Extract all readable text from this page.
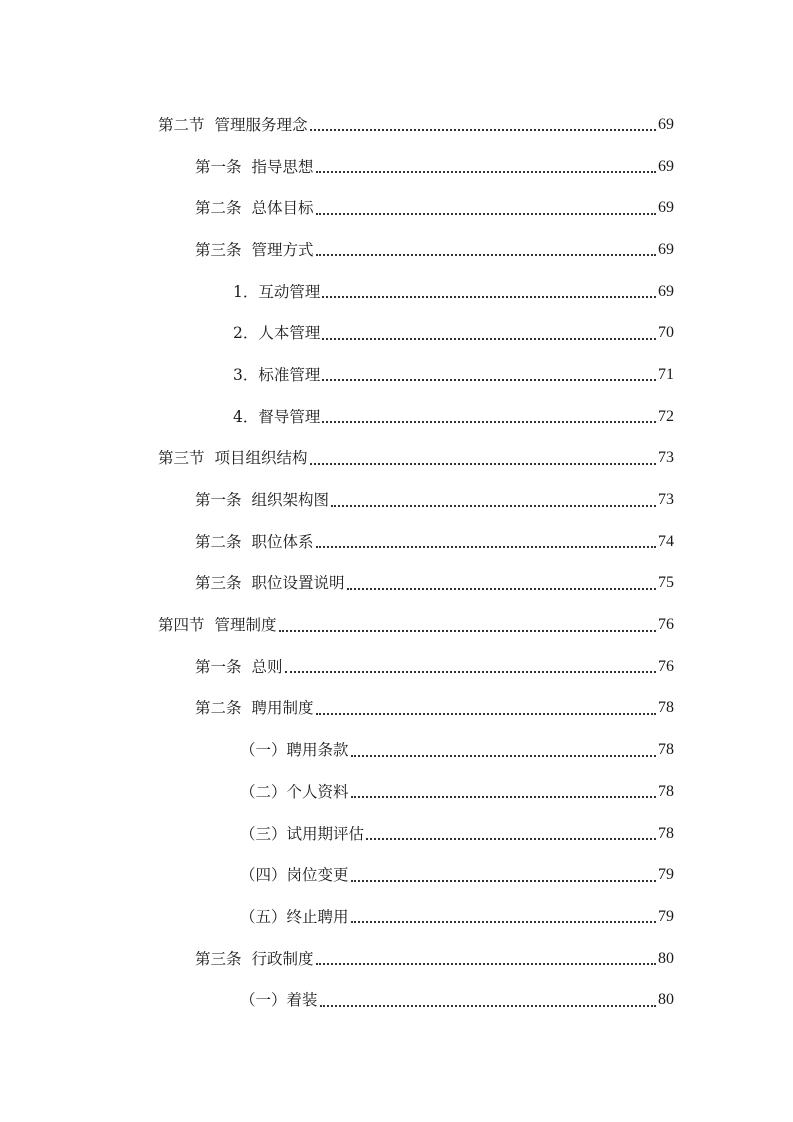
第二节 管理服务理念	69
第一条 指导思想	69
第二条 总体目标	69
第三条 管理方式	69
1． 互动管理	69
2． 人本管理	70
3． 标准管理	71
4． 督导管理	72
第三节 项目组织结构	73
第一条 组织架构图	73
第二条 职位体系	74
第三条 职位设置说明	75
第四节 管理制度	76
第一条 总则	76
第二条 聘用制度	78
（一） 聘用条款	78
（二） 个人资料	78
（三） 试用期评估	78
（四） 岗位变更	79
（五） 终止聘用	79
第三条 行政制度	80
（一） 着装	80
